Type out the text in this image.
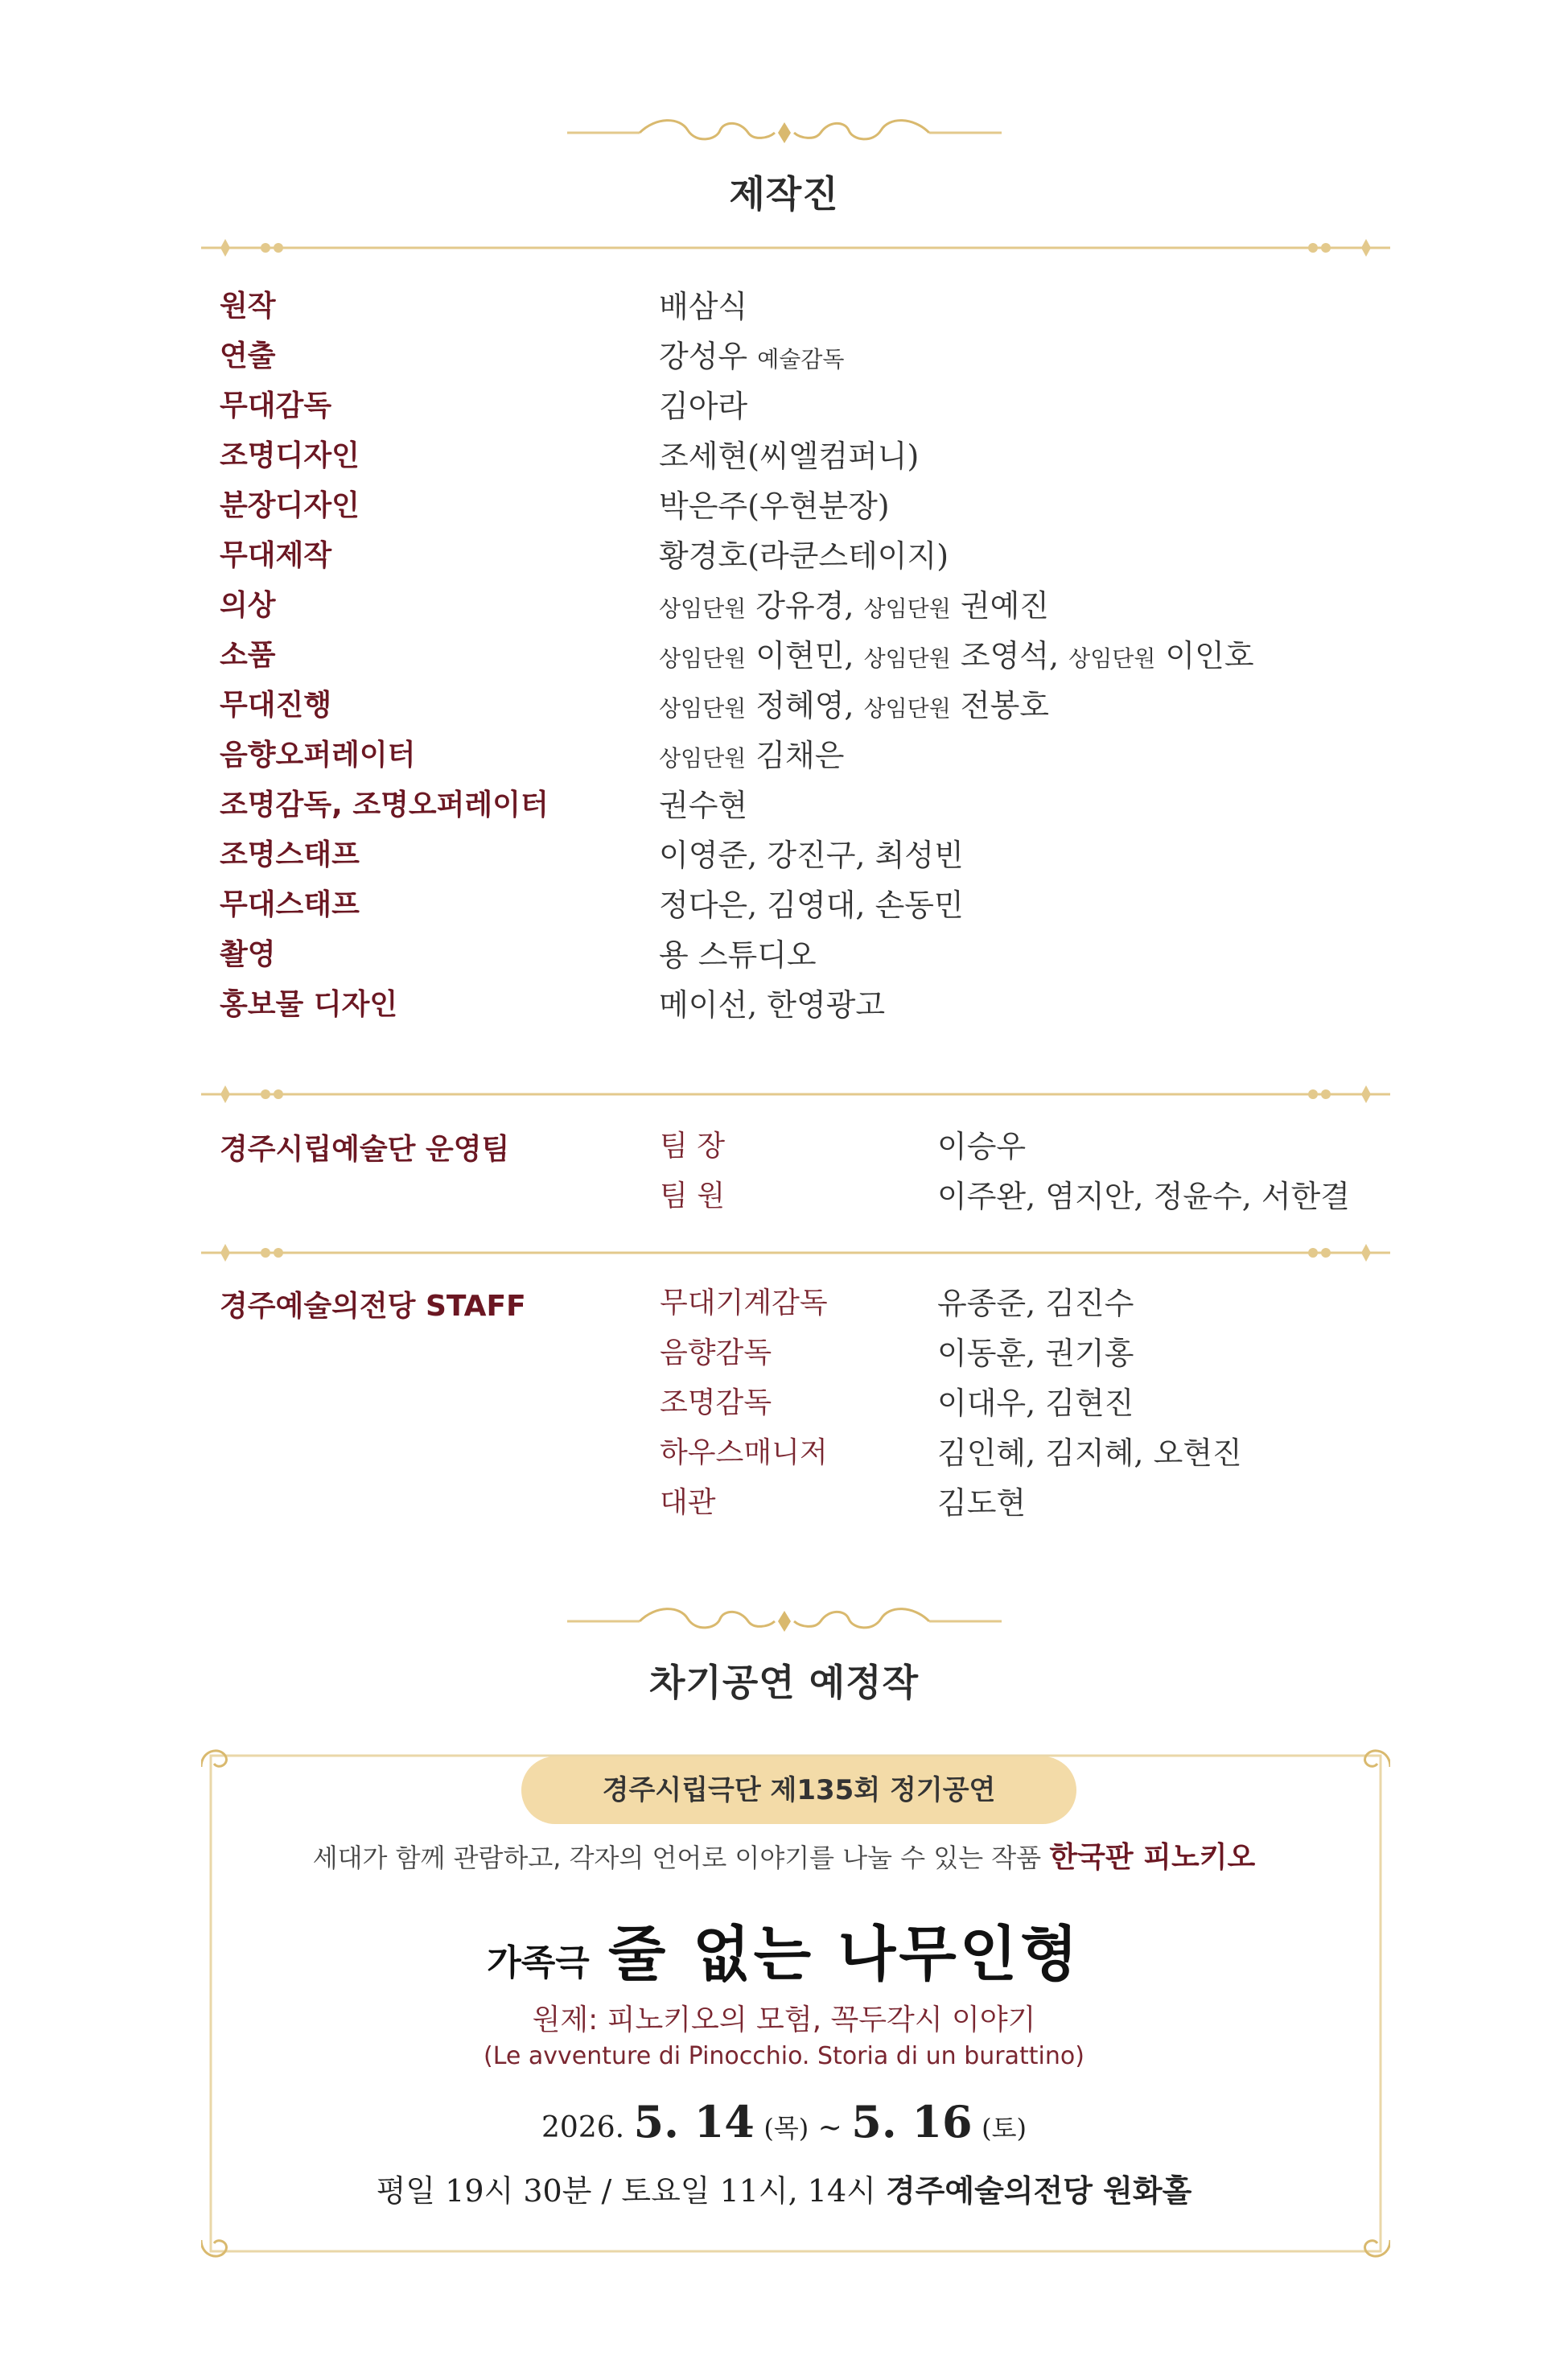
제작진
원작	배삼식
연출	강성우 예술감독
무대감독	김아라
조명디자인	조세현(씨엘컴퍼니)
분장디자인	박은주(우현분장)
무대제작	황경호(라쿤스테이지)
의상	상임단원 강유경, 상임단원 권예진
소품	상임단원 이현민, 상임단원 조영석, 상임단원 이인호
무대진행	상임단원 정혜영, 상임단원 전봉호
음향오퍼레이터	상임단원 김채은
조명감독, 조명오퍼레이터	권수현
조명스태프	이영준, 강진구, 최성빈
무대스태프	정다은, 김영대, 손동민
촬영	용 스튜디오
홍보물 디자인	메이선, 한영광고
경주시립예술단 운영팀	팀 장	이승우
팀 원	이주완, 염지안, 정윤수, 서한결
경주예술의전당 STAFF	무대기계감독	유종준, 김진수
음향감독	이동훈, 권기홍
조명감독	이대우, 김현진
하우스매니저	김인혜, 김지혜, 오현진
대관	김도현
차기공연 예정작
경주시립극단 제135회 정기공연
세대가 함께 관람하고, 각자의 언어로 이야기를 나눌 수 있는 작품 한국판 피노키오
가족극 줄 없는 나무인형
원제: 피노키오의 모험, 꼭두각시 이야기
(Le avventure di Pinocchio. Storia di un burattino)
2026. 5. 14 (목) ~ 5. 16 (토)
평일 19시 30분 / 토요일 11시, 14시 경주예술의전당 원화홀
